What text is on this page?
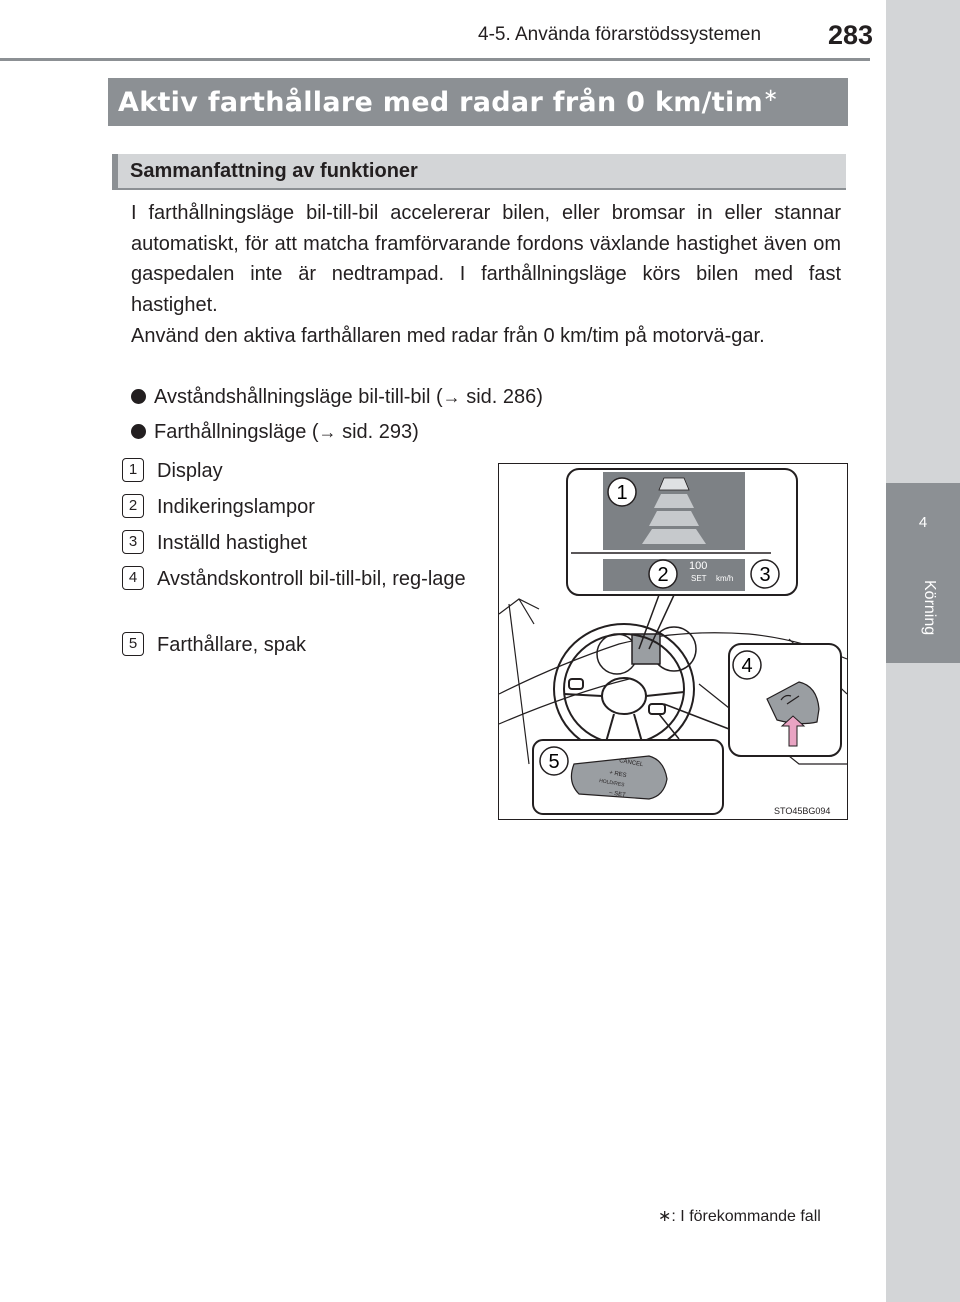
4-5. Använda förarstödssystemen 283
4
Körning
Aktiv farthållare med radar från 0 km/tim∗
Sammanfattning av funktioner
I farthållningsläge bil-till-bil accelererar bilen, eller bromsar in eller stannar automatiskt, för att matcha framförvarande fordons växlande hastighet även om gaspedalen inte är nedtrampad. I farthållningsläge körs bilen med fast hastighet.
Använd den aktiva farthållaren med radar från 0 km/tim på motorvä-gar.
Avståndshållningsläge bil-till-bil (→ sid. 286)
Farthållningsläge (→ sid. 293)
1 Display
2 Indikeringslampor
3 Inställd hastighet
4 Avståndskontroll bil-till-bil, reg-lage
5 Farthållare, spak
100
SET km/h
1
2	3
4
CANCEL
+ RES
HOLD/RES
– SET
5
STO45BG094
∗: I förekommande fall
